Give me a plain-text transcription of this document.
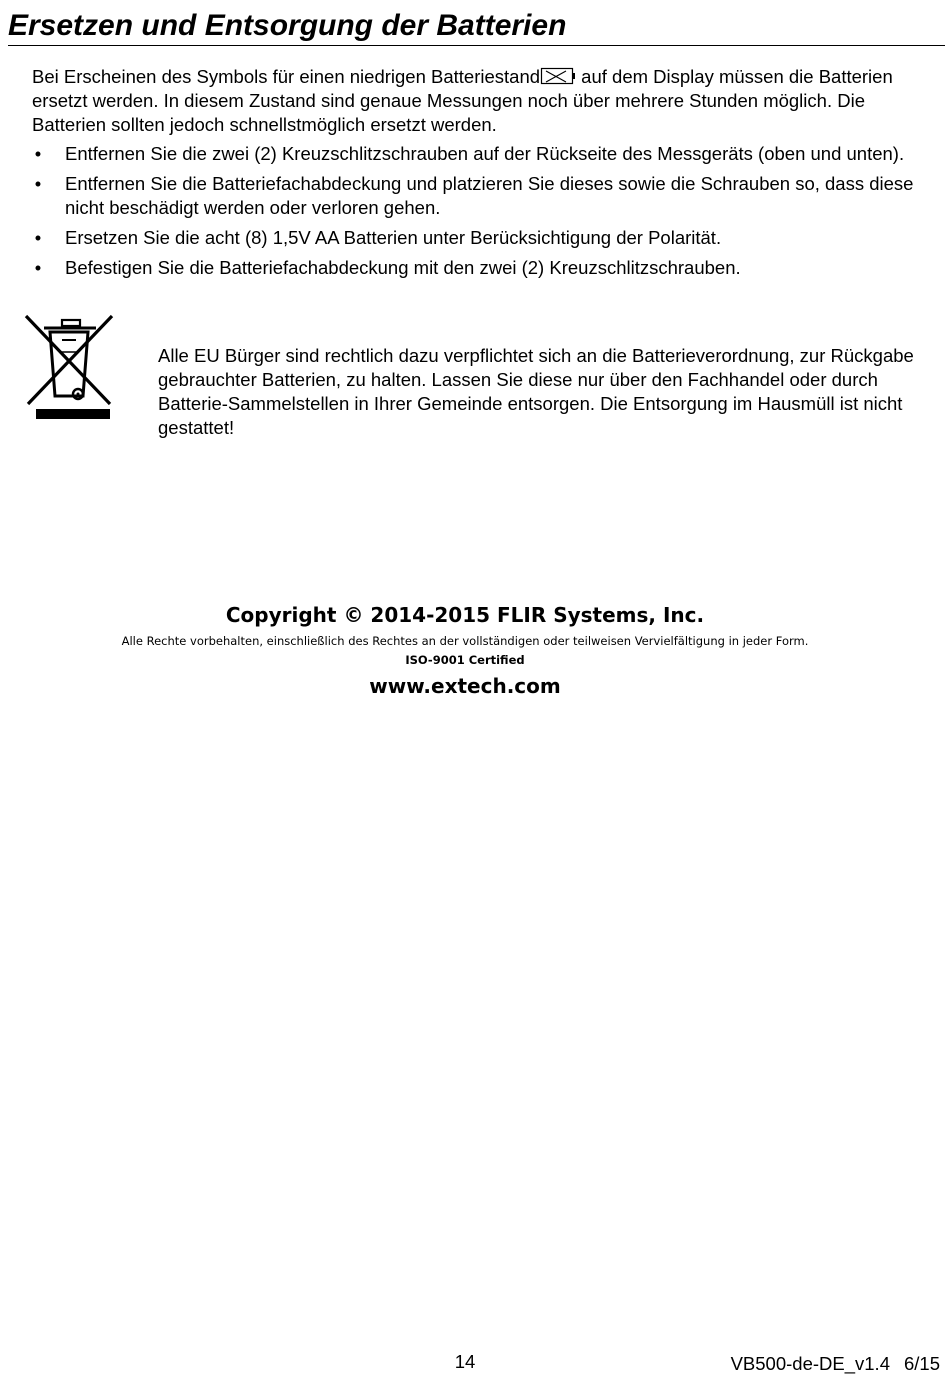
Ersetzen und Entsorgung der Batterien

Bei Erscheinen des Symbols für einen niedrigen Batteriestand auf dem Display müssen die Batterien ersetzt werden. In diesem Zustand sind genaue Messungen noch über mehrere Stunden möglich. Die Batterien sollten jedoch schnellstmöglich ersetzt werden.

• Entfernen Sie die zwei (2) Kreuzschlitzschrauben auf der Rückseite des Messgeräts (oben und unten).
• Entfernen Sie die Batteriefachabdeckung und platzieren Sie dieses sowie die Schrauben so, dass diese nicht beschädigt werden oder verloren gehen.
• Ersetzen Sie die acht (8) 1,5V AA Batterien unter Berücksichtigung der Polarität.
• Befestigen Sie die Batteriefachabdeckung mit den zwei (2) Kreuzschlitzschrauben.

Alle EU Bürger sind rechtlich dazu verpflichtet sich an die Batterieverordnung, zur Rückgabe gebrauchter Batterien, zu halten. Lassen Sie diese nur über den Fachhandel oder durch Batterie-Sammelstellen in Ihrer Gemeinde entsorgen. Die Entsorgung im Hausmüll ist nicht gestattet!

Copyright © 2014-2015 FLIR Systems, Inc.
Alle Rechte vorbehalten, einschließlich des Rechtes an der vollständigen oder teilweisen Vervielfältigung in jeder Form.
ISO-9001 Certified
www.extech.com
14	VB500-de-DE_v1.4 6/15
